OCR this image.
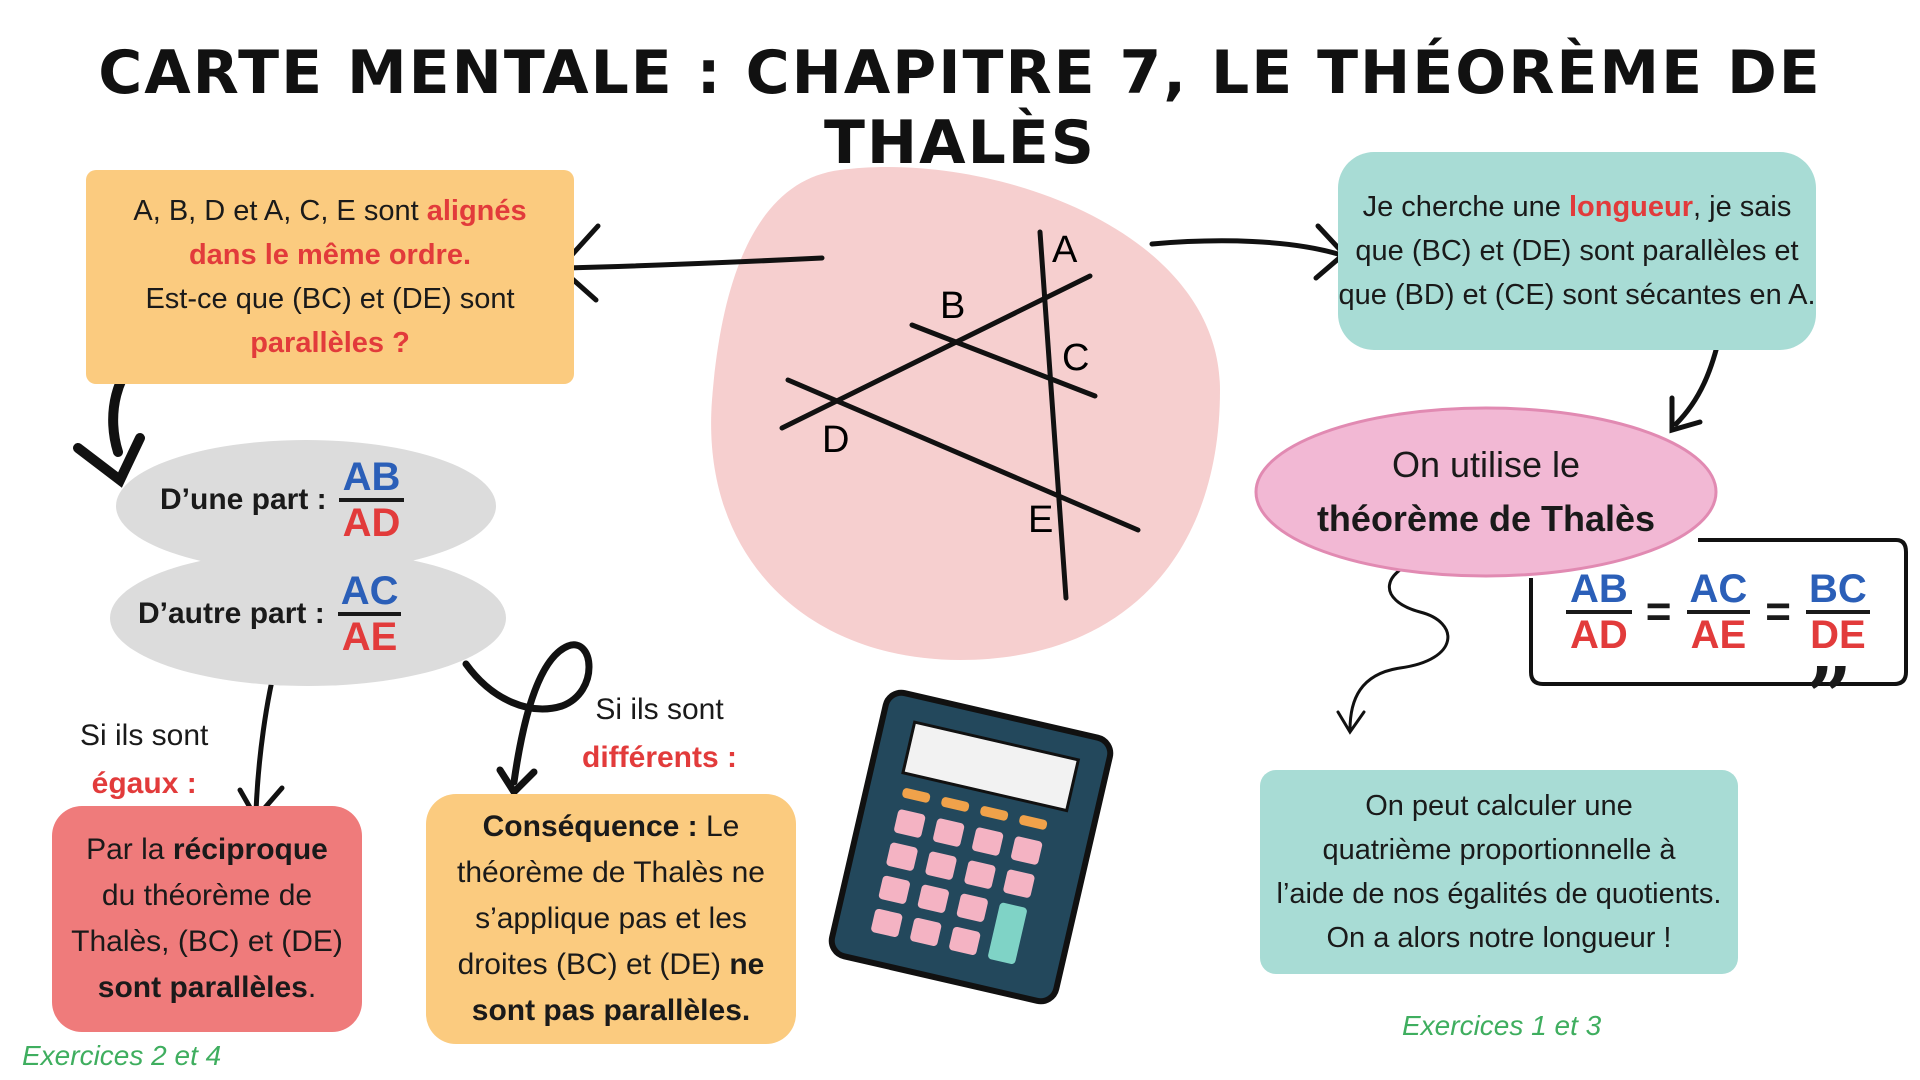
CARTE MENTALE : CHAPITRE 7, LE THÉORÈME DE THALÈS
A
B
C
D
E
A, B, D et A, C, E sont alignés
dans le même ordre.
Est-ce que (BC) et (DE) sont
parallèles ?
D’une part : $\frac{AB}{AD}$
D’autre part : $\frac{AC}{AE}$
Si ils sont
égaux :
Par la réciproque
du théorème de
Thalès, (BC) et (DE)
sont parallèles.
Exercices 2 et 4
Si ils sont
différents :
Conséquence : Le
théorème de Thalès ne
s’applique pas et les
droites (BC) et (DE) ne
sont pas parallèles.
Je cherche une longueur, je sais
que (BC) et (DE) sont parallèles et
que (BD) et (CE) sont sécantes en A.
On utilise le
théorème de Thalès
$\frac{AB}{AD} = \frac{AC}{AE} = \frac{BC}{DE}$
”
On peut calculer une
quatrième proportionnelle à
l’aide de nos égalités de quotients.
On a alors notre longueur !
Exercices 1 et 3
